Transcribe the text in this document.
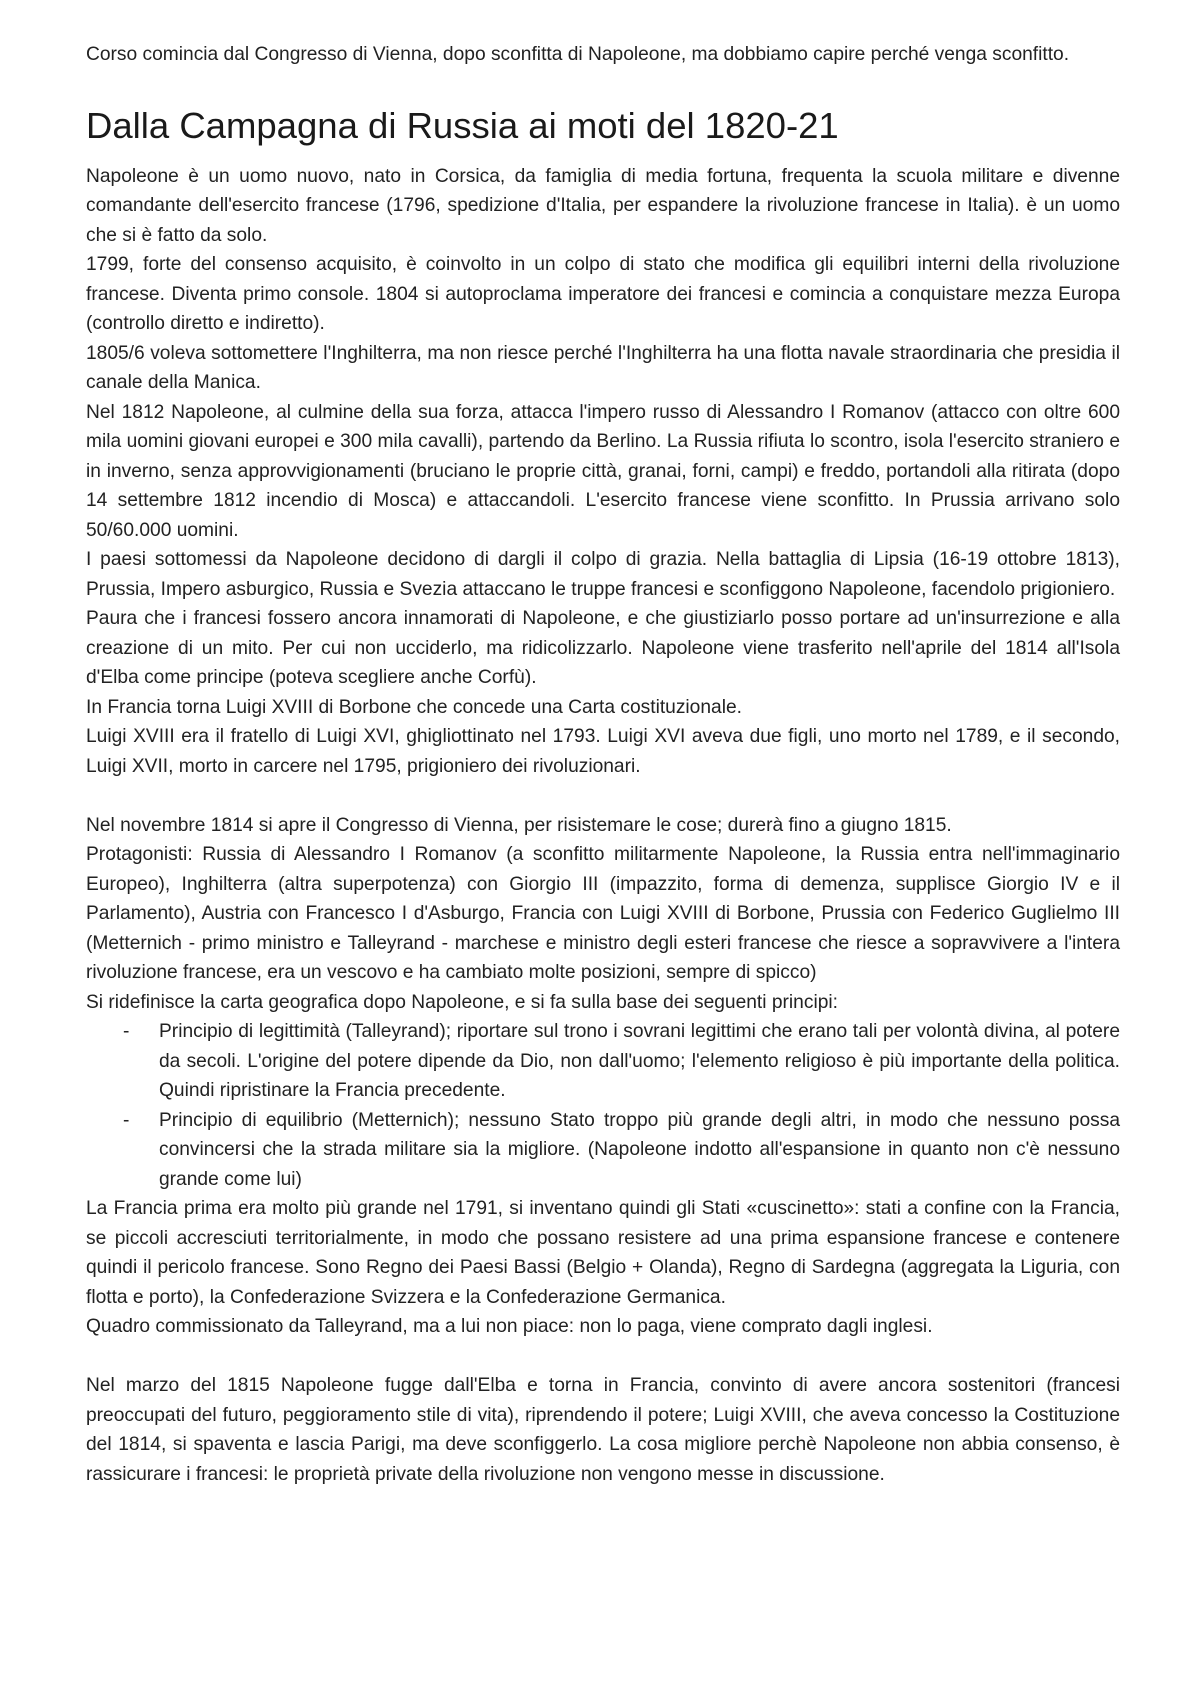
Corso comincia dal Congresso di Vienna, dopo sconfitta di Napoleone, ma dobbiamo capire perché venga sconfitto.

Dalla Campagna di Russia ai moti del 1820-21

Napoleone è un uomo nuovo, nato in Corsica, da famiglia di media fortuna, frequenta la scuola militare e divenne comandante dell'esercito francese (1796, spedizione d'Italia, per espandere la rivoluzione francese in Italia). è un uomo che si è fatto da solo.

1799, forte del consenso acquisito, è coinvolto in un colpo di stato che modifica gli equilibri interni della rivoluzione francese. Diventa primo console. 1804 si autoproclama imperatore dei francesi e comincia a conquistare mezza Europa (controllo diretto e indiretto).

1805/6 voleva sottomettere l'Inghilterra, ma non riesce perché l'Inghilterra ha una flotta navale straordinaria che presidia il canale della Manica.

Nel 1812 Napoleone, al culmine della sua forza, attacca l'impero russo di Alessandro I Romanov (attacco con oltre 600 mila uomini giovani europei e 300 mila cavalli), partendo da Berlino. La Russia rifiuta lo scontro, isola l'esercito straniero e in inverno, senza approvvigionamenti (bruciano le proprie città, granai, forni, campi) e freddo, portandoli alla ritirata (dopo 14 settembre 1812 incendio di Mosca) e attaccandoli. L'esercito francese viene sconfitto. In Prussia arrivano solo 50/60.000 uomini.

I paesi sottomessi da Napoleone decidono di dargli il colpo di grazia. Nella battaglia di Lipsia (16-19 ottobre 1813), Prussia, Impero asburgico, Russia e Svezia attaccano le truppe francesi e sconfiggono Napoleone, facendolo prigioniero.

Paura che i francesi fossero ancora innamorati di Napoleone, e che giustiziarlo posso portare ad un'insurrezione e alla creazione di un mito. Per cui non ucciderlo, ma ridicolizzarlo. Napoleone viene trasferito nell'aprile del 1814 all'Isola d'Elba come principe (poteva scegliere anche Corfù).

In Francia torna Luigi XVIII di Borbone che concede una Carta costituzionale.

Luigi XVIII era il fratello di Luigi XVI, ghigliottinato nel 1793. Luigi XVI aveva due figli, uno morto nel 1789, e il secondo, Luigi XVII, morto in carcere nel 1795, prigioniero dei rivoluzionari.

Nel novembre 1814 si apre il Congresso di Vienna, per risistemare le cose; durerà fino a giugno 1815.

Protagonisti: Russia di Alessandro I Romanov (a sconfitto militarmente Napoleone, la Russia entra nell'immaginario Europeo), Inghilterra (altra superpotenza) con Giorgio III (impazzito, forma di demenza, supplisce Giorgio IV e il Parlamento), Austria con Francesco I d'Asburgo, Francia con Luigi XVIII di Borbone, Prussia con Federico Guglielmo III (Metternich - primo ministro e Talleyrand - marchese e ministro degli esteri francese che riesce a sopravvivere a l'intera rivoluzione francese, era un vescovo e ha cambiato molte posizioni, sempre di spicco)

Si ridefinisce la carta geografica dopo Napoleone, e si fa sulla base dei seguenti principi:

- Principio di legittimità (Talleyrand); riportare sul trono i sovrani legittimi che erano tali per volontà divina, al potere da secoli. L'origine del potere dipende da Dio, non dall'uomo; l'elemento religioso è più importante della politica. Quindi ripristinare la Francia precedente.
- Principio di equilibrio (Metternich); nessuno Stato troppo più grande degli altri, in modo che nessuno possa convincersi che la strada militare sia la migliore. (Napoleone indotto all'espansione in quanto non c'è nessuno grande come lui)

La Francia prima era molto più grande nel 1791, si inventano quindi gli Stati «cuscinetto»: stati a confine con la Francia, se piccoli accresciuti territorialmente, in modo che possano resistere ad una prima espansione francese e contenere quindi il pericolo francese. Sono Regno dei Paesi Bassi (Belgio + Olanda), Regno di Sardegna (aggregata la Liguria, con flotta e porto), la Confederazione Svizzera e la Confederazione Germanica.

Quadro commissionato da Talleyrand, ma a lui non piace: non lo paga, viene comprato dagli inglesi.

Nel marzo del 1815 Napoleone fugge dall'Elba e torna in Francia, convinto di avere ancora sostenitori (francesi preoccupati del futuro, peggioramento stile di vita), riprendendo il potere; Luigi XVIII, che aveva concesso la Costituzione del 1814, si spaventa e lascia Parigi, ma deve sconfiggerlo. La cosa migliore perchè Napoleone non abbia consenso, è rassicurare i francesi: le proprietà private della rivoluzione non vengono messe in discussione.
